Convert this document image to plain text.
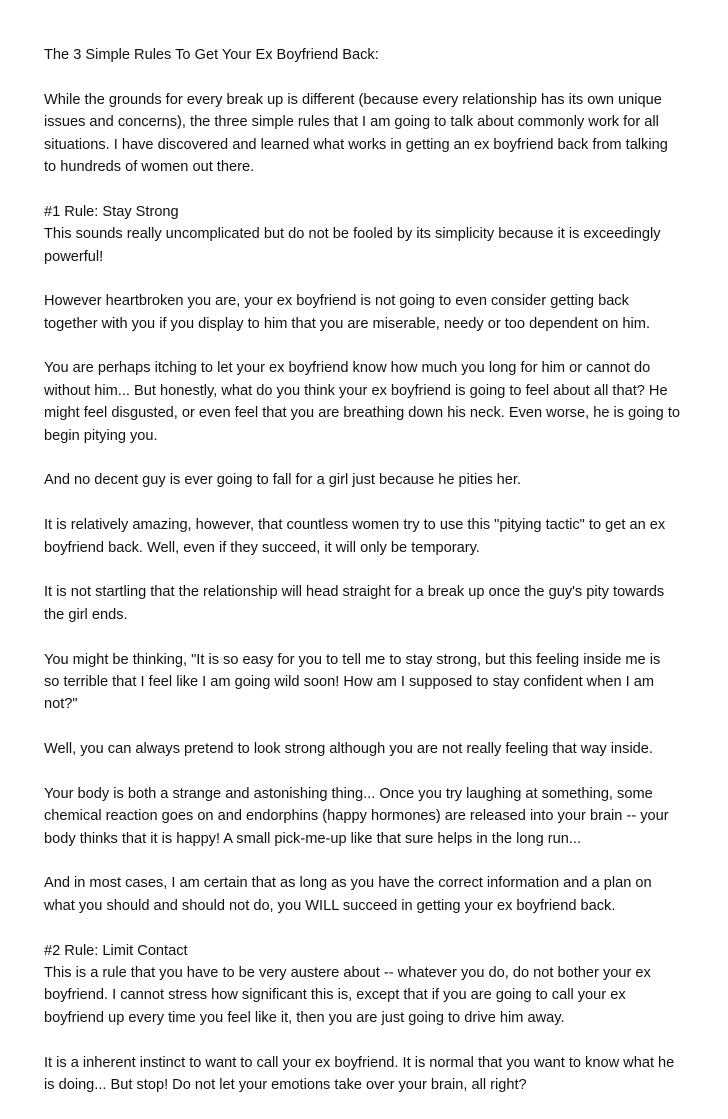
The 3 Simple Rules To Get Your Ex Boyfriend Back:
While the grounds for every break up is different (because every relationship has its own unique
issues and concerns), the three simple rules that I am going to talk about commonly work for all
situations. I have discovered and learned what works in getting an ex boyfriend back from talking
to hundreds of women out there.
#1 Rule: Stay Strong
This sounds really uncomplicated but do not be fooled by its simplicity because it is exceedingly
powerful!
However heartbroken you are, your ex boyfriend is not going to even consider getting back
together with you if you display to him that you are miserable, needy or too dependent on him.
You are perhaps itching to let your ex boyfriend know how much you long for him or cannot do
without him... But honestly, what do you think your ex boyfriend is going to feel about all that? He
might feel disgusted, or even feel that you are breathing down his neck. Even worse, he is going to
begin pitying you.
And no decent guy is ever going to fall for a girl just because he pities her.
It is relatively amazing, however, that countless women try to use this "pitying tactic" to get an ex
boyfriend back. Well, even if they succeed, it will only be temporary.
It is not startling that the relationship will head straight for a break up once the guy's pity towards
the girl ends.
You might be thinking, "It is so easy for you to tell me to stay strong, but this feeling inside me is
so terrible that I feel like I am going wild soon! How am I supposed to stay confident when I am
not?"
Well, you can always pretend to look strong although you are not really feeling that way inside.
Your body is both a strange and astonishing thing... Once you try laughing at something, some
chemical reaction goes on and endorphins (happy hormones) are released into your brain -- your
body thinks that it is happy! A small pick-me-up like that sure helps in the long run...
And in most cases, I am certain that as long as you have the correct information and a plan on
what you should and should not do, you WILL succeed in getting your ex boyfriend back.
#2 Rule: Limit Contact
This is a rule that you have to be very austere about -- whatever you do, do not bother your ex
boyfriend. I cannot stress how significant this is, except that if you are going to call your ex
boyfriend up every time you feel like it, then you are just going to drive him away.
It is a inherent instinct to want to call your ex boyfriend. It is normal that you want to know what he
is doing... But stop! Do not let your emotions take over your brain, all right?
